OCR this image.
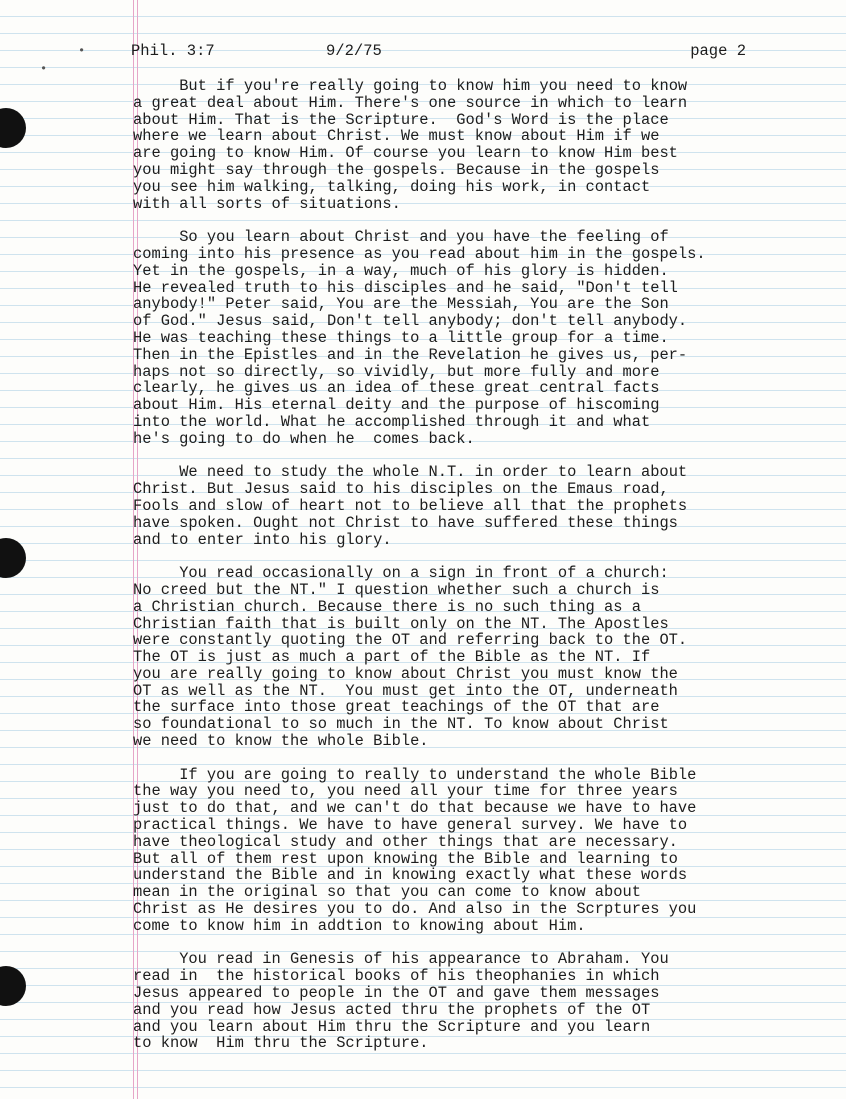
•
•
Phil. 3:7	9/2/75	page 2

But if you're really going to know him you need to know
a great deal about Him. There's one source in which to learn
about Him. That is the Scripture.  God's Word is the place
where we learn about Christ. We must know about Him if we
are going to know Him. Of course you learn to know Him best
you might say through the gospels. Because in the gospels
you see him walking, talking, doing his work, in contact
with all sorts of situations.

So you learn about Christ and you have the feeling of
coming into his presence as you read about him in the gospels.
Yet in the gospels, in a way, much of his glory is hidden.
He revealed truth to his disciples and he said, "Don't tell
anybody!" Peter said, You are the Messiah, You are the Son
of God." Jesus said, Don't tell anybody; don't tell anybody.
He was teaching these things to a little group for a time.
Then in the Epistles and in the Revelation he gives us, per-
haps not so directly, so vividly, but more fully and more
clearly, he gives us an idea of these great central facts
about Him. His eternal deity and the purpose of hiscoming
into the world. What he accomplished through it and what
he's going to do when he  comes back.

We need to study the whole N.T. in order to learn about
Christ. But Jesus said to his disciples on the Emaus road,
Fools and slow of heart not to believe all that the prophets
have spoken. Ought not Christ to have suffered these things
and to enter into his glory.

You read occasionally on a sign in front of a church:
No creed but the NT." I question whether such a church is
a Christian church. Because there is no such thing as a
Christian faith that is built only on the NT. The Apostles
were constantly quoting the OT and referring back to the OT.
The OT is just as much a part of the Bible as the NT. If
you are really going to know about Christ you must know the
OT as well as the NT.  You must get into the OT, underneath
the surface into those great teachings of the OT that are
so foundational to so much in the NT. To know about Christ
we need to know the whole Bible.

If you are going to really to understand the whole Bible
the way you need to, you need all your time for three years
just to do that, and we can't do that because we have to have
practical things. We have to have general survey. We have to
have theological study and other things that are necessary.
But all of them rest upon knowing the Bible and learning to
understand the Bible and in knowing exactly what these words
mean in the original so that you can come to know about
Christ as He desires you to do. And also in the Scrptures you
come to know him in addtion to knowing about Him.

You read in Genesis of his appearance to Abraham. You
read in  the historical books of his theophanies in which
Jesus appeared to people in the OT and gave them messages
and you read how Jesus acted thru the prophets of the OT
and you learn about Him thru the Scripture and you learn
to know  Him thru the Scripture.
